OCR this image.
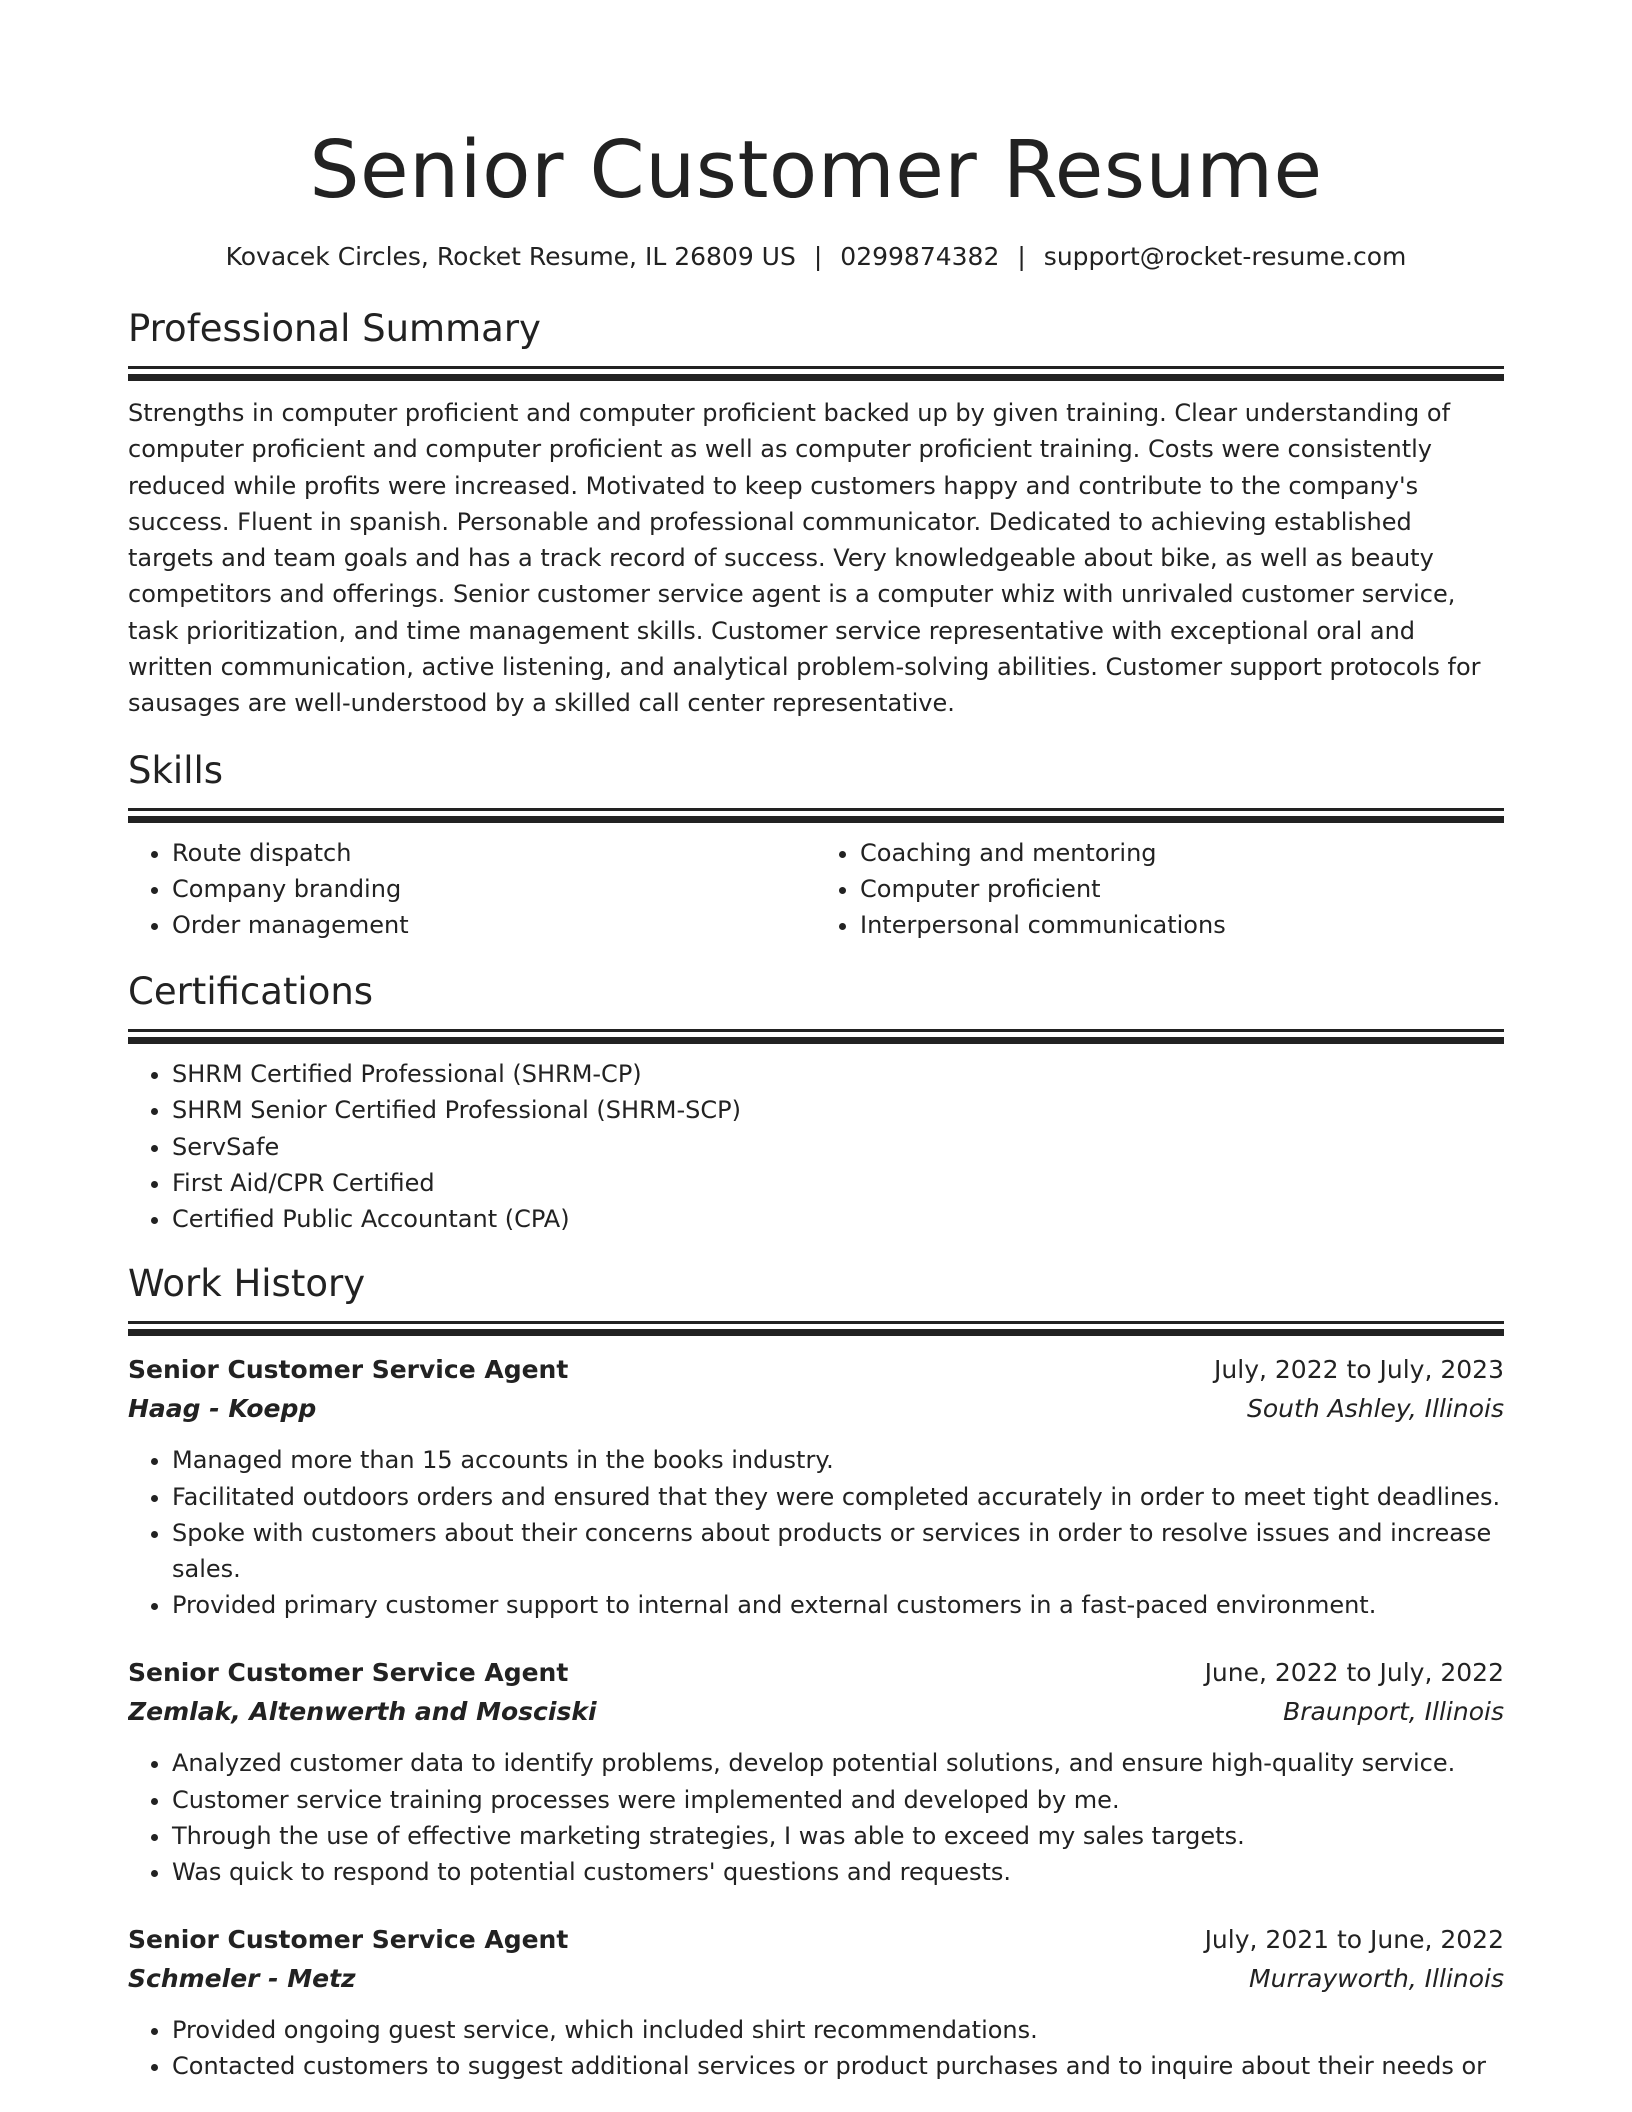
Senior Customer Resume
Kovacek Circles, Rocket Resume, IL 26809 US | 0299874382 | support@rocket-resume.com
Professional Summary

Strengths in computer proficient and computer proficient backed up by given training. Clear understanding of computer proficient and computer proficient as well as computer proficient training. Costs were consistently reduced while profits were increased. Motivated to keep customers happy and contribute to the company's success. Fluent in spanish. Personable and professional communicator. Dedicated to achieving established targets and team goals and has a track record of success. Very knowledgeable about bike, as well as beauty competitors and offerings. Senior customer service agent is a computer whiz with unrivaled customer service, task prioritization, and time management skills. Customer service representative with exceptional oral and written communication, active listening, and analytical problem-solving abilities. Customer support protocols for sausages are well-understood by a skilled call center representative.

Skills
• Route dispatch
• Company branding
• Order management
• Coaching and mentoring
• Computer proficient
• Interpersonal communications
Certifications
• SHRM Certified Professional (SHRM-CP)
• SHRM Senior Certified Professional (SHRM-SCP)
• ServSafe
• First Aid/CPR Certified
• Certified Public Accountant (CPA)
Work History
Senior Customer Service Agent	July, 2022 to July, 2023
Haag - Koepp	South Ashley, Illinois
• Managed more than 15 accounts in the books industry.
• Facilitated outdoors orders and ensured that they were completed accurately in order to meet tight deadlines.
• Spoke with customers about their concerns about products or services in order to resolve issues and increase sales.
• Provided primary customer support to internal and external customers in a fast-paced environment.
Senior Customer Service Agent	June, 2022 to July, 2022
Zemlak, Altenwerth and Mosciski	Braunport, Illinois
• Analyzed customer data to identify problems, develop potential solutions, and ensure high-quality service.
• Customer service training processes were implemented and developed by me.
• Through the use of effective marketing strategies, I was able to exceed my sales targets.
• Was quick to respond to potential customers' questions and requests.
Senior Customer Service Agent	July, 2021 to June, 2022
Schmeler - Metz	Murrayworth, Illinois
• Provided ongoing guest service, which included shirt recommendations.
• Contacted customers to suggest additional services or product purchases and to inquire about their needs or
